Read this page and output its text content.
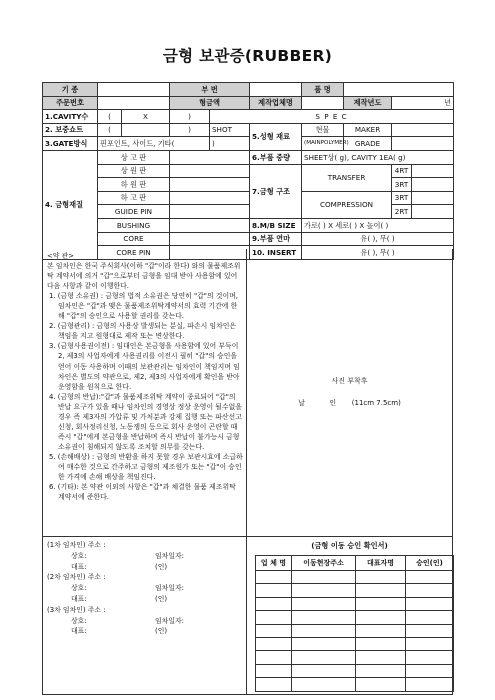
금형 보관증(RUBBER)
기 종			부 번			품 명			
주문번호			형금액		제작업체명		제작년도	년	
1.CAVITY수	(	X	)	S P E C					
2. 보중쇼트	(		)	SHOT	5.성형 재료	현물	MAKER		
3.GATE방식	핀포인트, 사이드, 기타(			)		(MAINPOLYMER)	GRADE		
4. 금형재질	상 고 판				6.부품 중량	SHEET상( g), CAVITY 1EA( g)			
	상 원 판				7.금형 구조	TRANSFER		4RT	
	하 원 판							3RT	
	하 고 판					COMPRESSION		3RT	
	GUIDE PIN							2RT	
	BUSHING				8.M/B SIZE	가로( ) X 세로( ) X 높이( )			
	CORE				9.부품 연마	유( ), 무( )			
	CORE PIN				10. INSERT	유( ), 무( )			

<약 관>

본 임차인은 한국 주식회사(이하 "갑"이라 한다) 와의 물품제조위탁 계약서에 의거 "갑"으로부터 금형을 임대 받아 사용함에 있어 다음 사항과 같이 이행한다.

1. (금형 소유권) : 금형의 법적 소유권은 당연히 "갑"의 것이며, 임차인은 "갑"과 맺은 물품제조위탁계약서의 효력 기간에 한해 "갑"의 승인으로 사용할 권리를 갖는다.

2. (금형관리) : 금형의 사용상 발생되는 분실, 파손시 임차인은 책임을 지고 원형대로 제작 또는 변상한다.

3. (금형사용권이전) : 임대인은 본금형을 사용함에 있어 부득이 2, 제3의 사업자에게 사용권리를 이전시 필히 "갑"의 승인을 얻어 이동 사용하며 이때의 보관관리는 임차인이 책임지며 임차인은 별도의 약관으로, 제2, 제3의 사업자에게 확인을 받아 운영함을 원칙으로 한다.

4. (금형의 반납):"갑"과 물품제조위탁 계약이 종료되어 "갑"의 반납 요구가 있을 때나 임차인의 경영상 정상 운영이 될수없을 경우 즉 제3자의 가압류 및 가처분과 강제 집행 또는 파산선고 신청, 회사정리신청, 노동쟁의 등으로 회사 운영이 곤란할 때 즉시 "갑"에게 본금형을 반납하며 즉시 반납이 불가능시 금형 소유권이 침해되지 않도록 조치할 의무를 갖는다.

5. (손해배상) : 금형의 반환을 하지 못할 경우 보관시효에 소급하여 매수한 것으로 간주하고 금형의 제조원가 또는 "갑"이 승인한 가격에 손해 배상을 책임진다.

6. (기타): 본 약관 이외의 사항은 "갑"과 체결한 물품 제조위탁 계약서에 준한다.

사진 부착후
날	인 (11cm 7.5cm)
(1차 임차인) 주소 :
상호:	임차일자:
대표:	(인)
(2차 임차인) 주소 :
상호:	임차일자:
대표:	(인)
(3차 임차인) 주소 :
상호:	임차일자:
대표:	(인)
(금형 이동 승인 확인서)
업 체 명	이동현장주소	대표자명	승인(인)
